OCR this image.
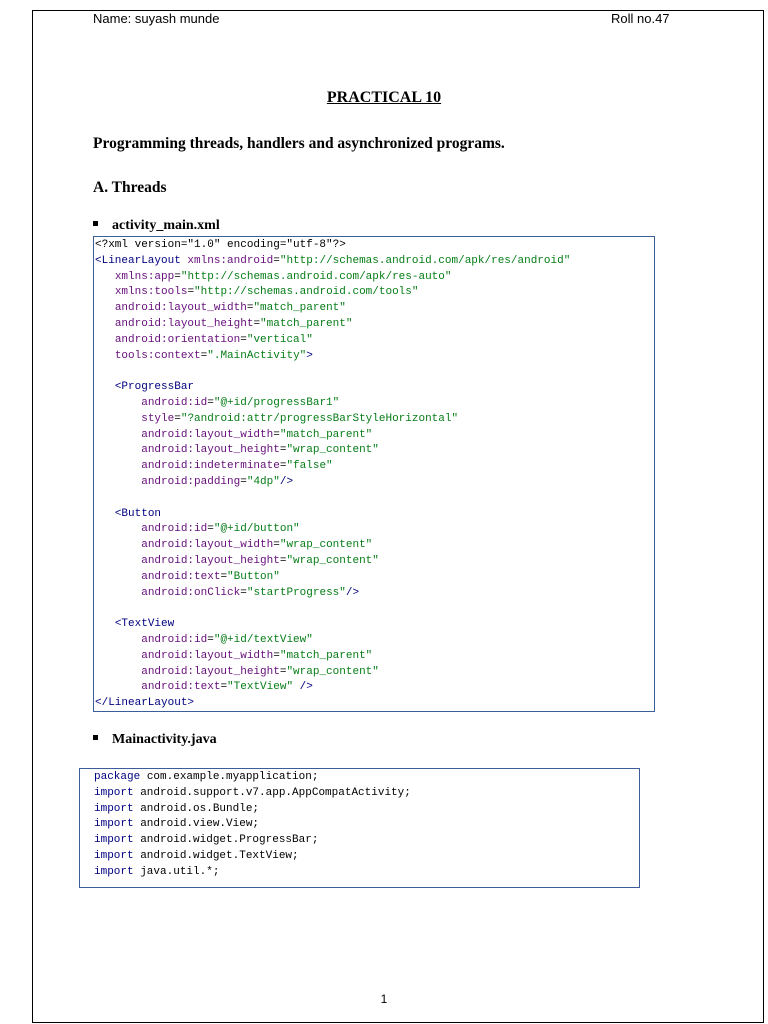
Name: suyash munde	Roll no.47
PRACTICAL 10
Programming threads, handlers and asynchronized programs.
A. Threads
activity_main.xml
<?xml version="1.0" encoding="utf-8"?>
<LinearLayout xmlns:android="http://schemas.android.com/apk/res/android"
xmlns:app="http://schemas.android.com/apk/res-auto"
xmlns:tools="http://schemas.android.com/tools"
android:layout_width="match_parent"
android:layout_height="match_parent"
android:orientation="vertical"
tools:context=".MainActivity">
<ProgressBar
android:id="@+id/progressBar1"
style="?android:attr/progressBarStyleHorizontal"
android:layout_width="match_parent"
android:layout_height="wrap_content"
android:indeterminate="false"
android:padding="4dp"/>
<Button
android:id="@+id/button"
android:layout_width="wrap_content"
android:layout_height="wrap_content"
android:text="Button"
android:onClick="startProgress"/>
<TextView
android:id="@+id/textView"
android:layout_width="match_parent"
android:layout_height="wrap_content"
android:text="TextView" />
</LinearLayout>
Mainactivity.java
package com.example.myapplication;
import android.support.v7.app.AppCompatActivity;
import android.os.Bundle;
import android.view.View;
import android.widget.ProgressBar;
import android.widget.TextView;
import java.util.*;
1
